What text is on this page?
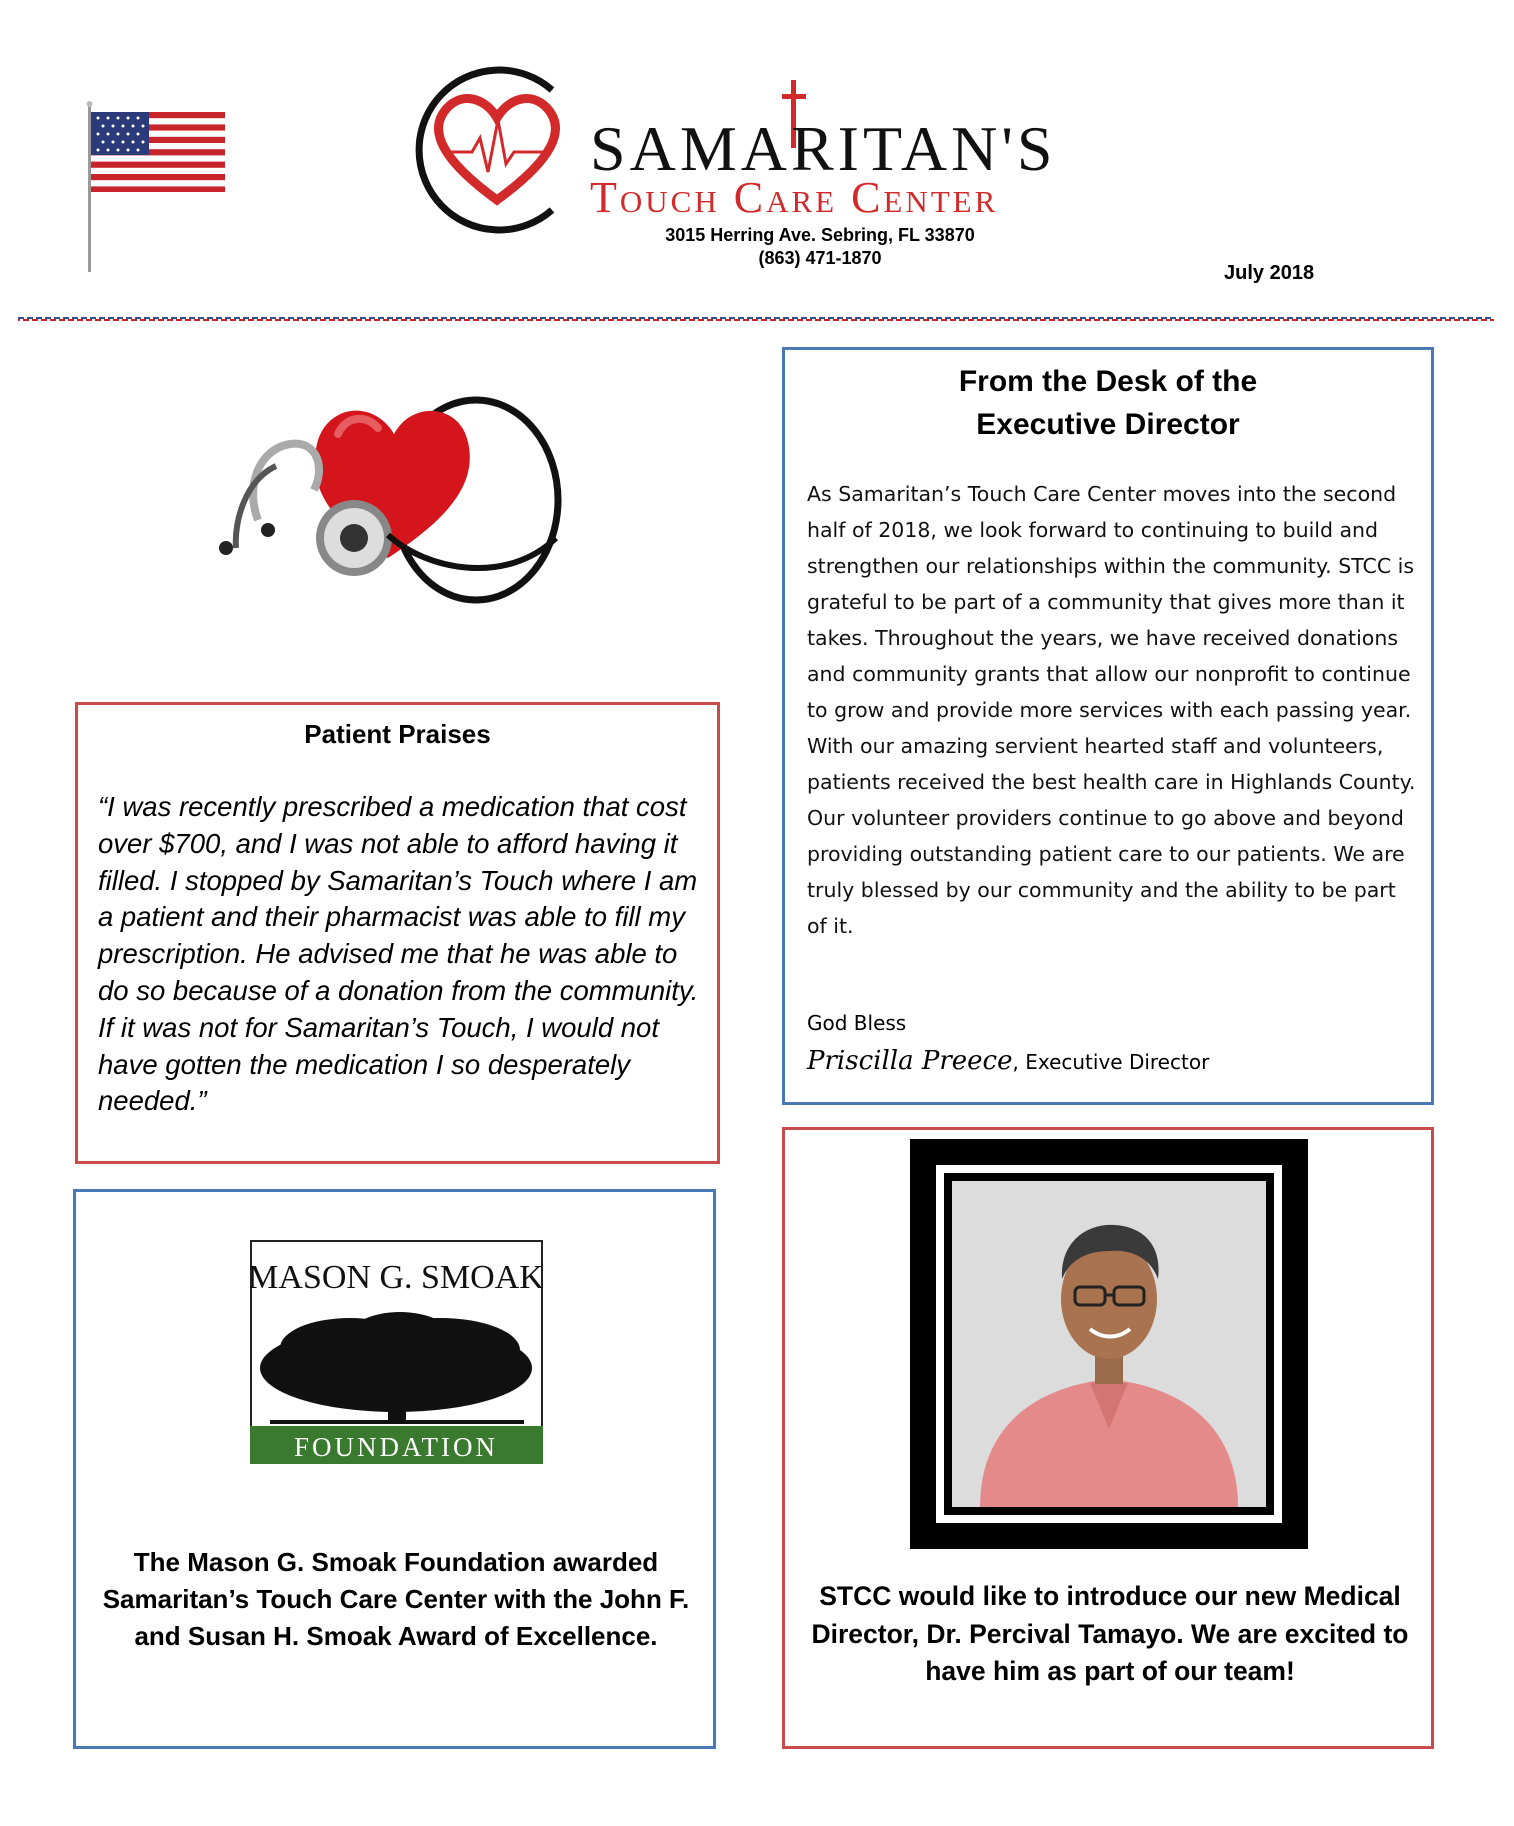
SAMARITAN'S
Touch Care Center
3015 Herring Ave. Sebring, FL 33870
(863) 471-1870
July 2018
Patient Praises
“I was recently prescribed a medication that cost over $700, and I was not able to afford having it filled. I stopped by Samaritan’s Touch where I am a patient and their pharmacist was able to fill my prescription. He advised me that he was able to do so because of a donation from the community. If it was not for Samaritan’s Touch, I would not have gotten the medication I so desperately needed.”
From the Desk of the
Executive Director
As Samaritan’s Touch Care Center moves into the second half of 2018, we look forward to continuing to build and strengthen our relationships within the community. STCC is grateful to be part of a community that gives more than it takes. Throughout the years, we have received donations and community grants that allow our nonprofit to continue to grow and provide more services with each passing year. With our amazing servient hearted staff and volunteers, patients received the best health care in Highlands County. Our volunteer providers continue to go above and beyond providing outstanding patient care to our patients. We are truly blessed by our community and the ability to be part of it.
God Bless
Priscilla Preece, Executive Director
MASON G. SMOAK
FOUNDATION
The Mason G. Smoak Foundation awarded Samaritan’s Touch Care Center with the John F. and Susan H. Smoak Award of Excellence.
STCC would like to introduce our new Medical Director, Dr. Percival Tamayo. We are excited to have him as part of our team!
